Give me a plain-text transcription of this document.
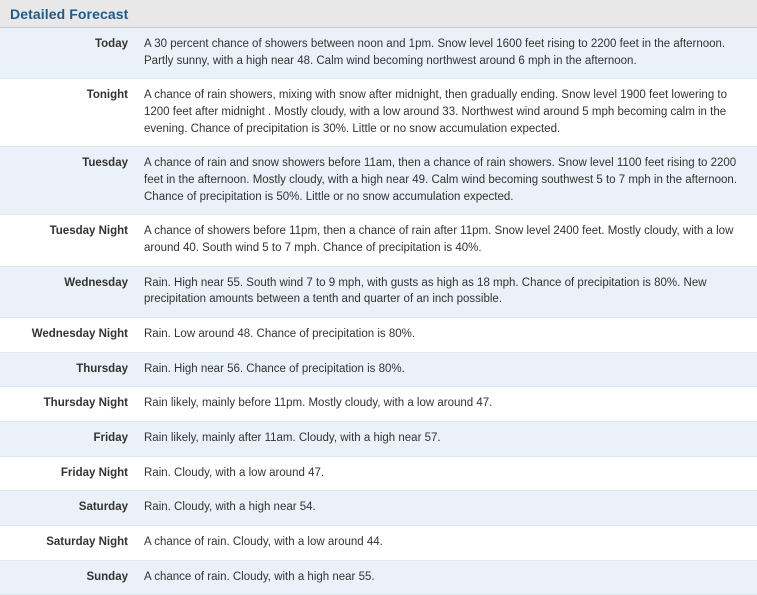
Detailed Forecast
Today	A 30 percent chance of showers between noon and 1pm. Snow level 1600 feet rising to 2200 feet in the afternoon. Partly sunny, with a high near 48. Calm wind becoming northwest around 6 mph in the afternoon.
Tonight	A chance of rain showers, mixing with snow after midnight, then gradually ending. Snow level 1900 feet lowering to 1200 feet after midnight . Mostly cloudy, with a low around 33. Northwest wind around 5 mph becoming calm in the evening. Chance of precipitation is 30%. Little or no snow accumulation expected.
Tuesday	A chance of rain and snow showers before 11am, then a chance of rain showers. Snow level 1100 feet rising to 2200 feet in the afternoon. Mostly cloudy, with a high near 49. Calm wind becoming southwest 5 to 7 mph in the afternoon. Chance of precipitation is 50%. Little or no snow accumulation expected.
Tuesday Night	A chance of showers before 11pm, then a chance of rain after 11pm. Snow level 2400 feet. Mostly cloudy, with a low around 40. South wind 5 to 7 mph. Chance of precipitation is 40%.
Wednesday	Rain. High near 55. South wind 7 to 9 mph, with gusts as high as 18 mph. Chance of precipitation is 80%. New precipitation amounts between a tenth and quarter of an inch possible.
Wednesday Night	Rain. Low around 48. Chance of precipitation is 80%.
Thursday	Rain. High near 56. Chance of precipitation is 80%.
Thursday Night	Rain likely, mainly before 11pm. Mostly cloudy, with a low around 47.
Friday	Rain likely, mainly after 11am. Cloudy, with a high near 57.
Friday Night	Rain. Cloudy, with a low around 47.
Saturday	Rain. Cloudy, with a high near 54.
Saturday Night	A chance of rain. Cloudy, with a low around 44.
Sunday	A chance of rain. Cloudy, with a high near 55.
